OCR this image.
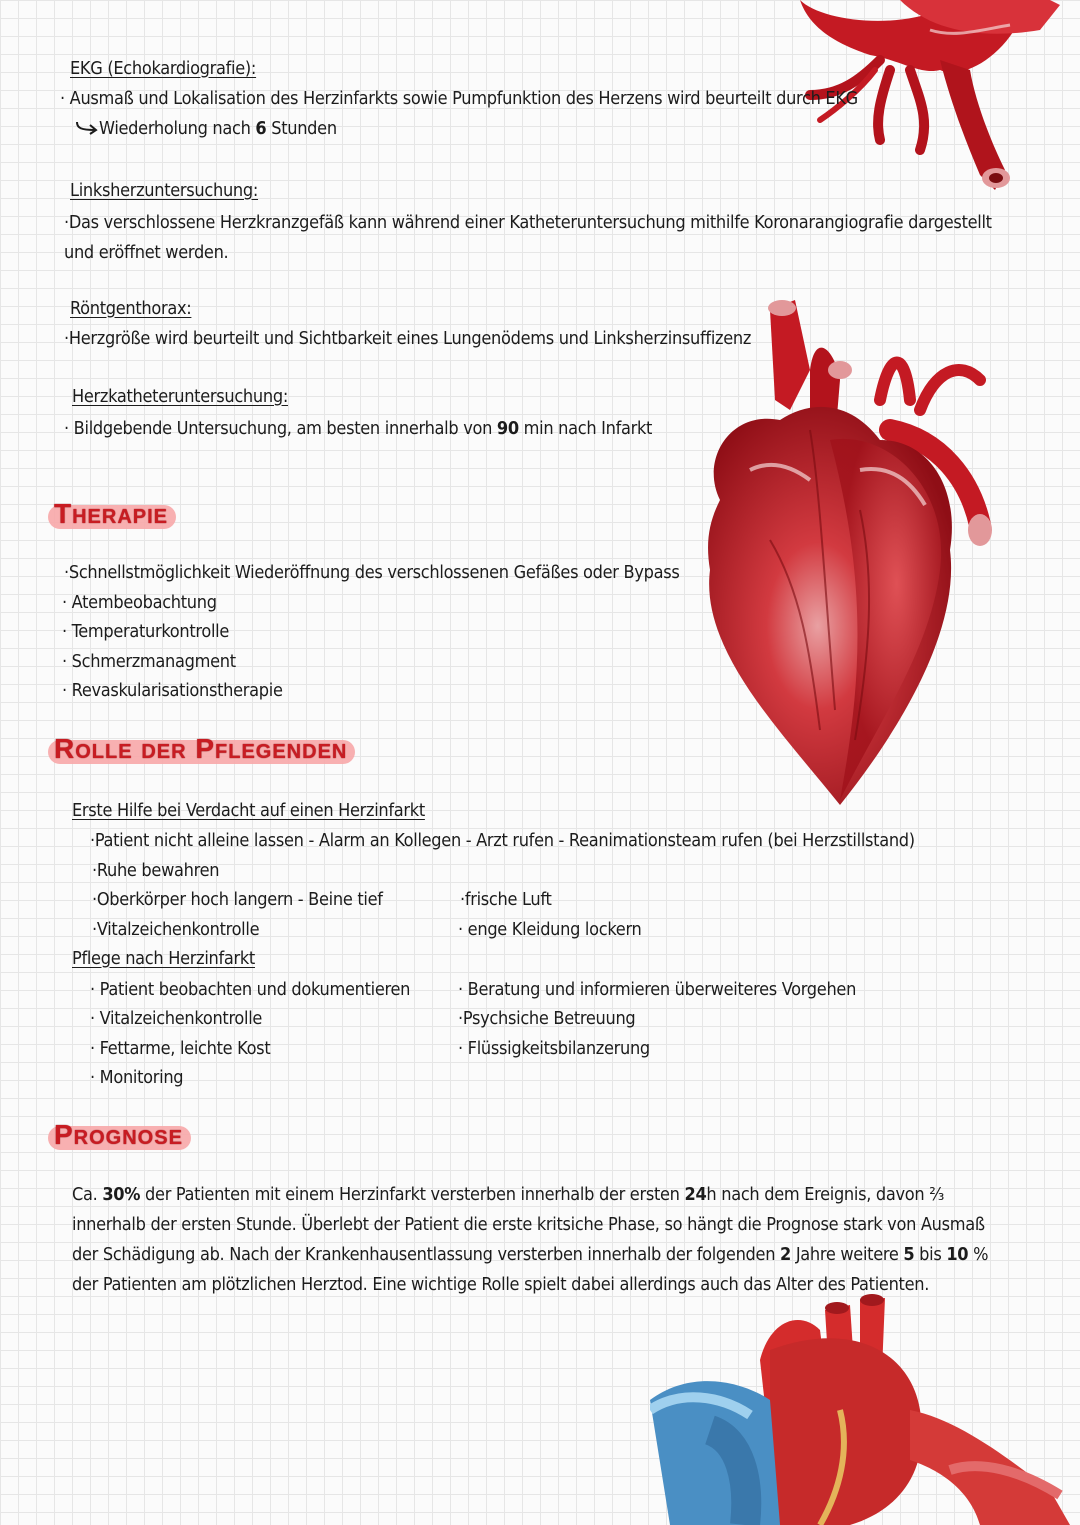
EKG (Echokardiografie):
· Ausmaß und Lokalisation des Herzinfarkts sowie Pumpfunktion des Herzens wird beurteilt durch EKG
Wiederholung nach 6 Stunden
Linksherzuntersuchung:
·Das verschlossene Herzkranzgefäß kann während einer Katheteruntersuchung mithilfe Koronarangiografie dargestellt und eröffnet werden.
Röntgenthorax:
·Herzgröße wird beurteilt und Sichtbarkeit eines Lungenödems und Linksherzinsuffizenz
Herzkatheteruntersuchung:
· Bildgebende Untersuchung, am besten innerhalb von 90 min nach Infarkt
Therapie
·Schnellstmöglichkeit Wiederöffnung des verschlossenen Gefäßes oder Bypass
· Atembeobachtung
· Temperaturkontrolle
· Schmerzmanagment
· Revaskularisationstherapie
Rolle der Pflegenden
Erste Hilfe bei Verdacht auf einen Herzinfarkt
·Patient nicht alleine lassen - Alarm an Kollegen - Arzt rufen - Reanimationsteam rufen (bei Herzstillstand)
·Ruhe bewahren
·Oberkörper hoch langern - Beine tief
·Vitalzeichenkontrolle
·frische Luft
· enge Kleidung lockern
Pflege nach Herzinfarkt
· Patient beobachten und dokumentieren
· Vitalzeichenkontrolle
· Fettarme, leichte Kost
· Monitoring
· Beratung und informieren überweiteres Vorgehen
·Psychsiche Betreuung
· Flüssigkeitsbilanzerung
Prognose
Ca. 30% der Patienten mit einem Herzinfarkt versterben innerhalb der ersten 24h nach dem Ereignis, davon ²⁄₃ innerhalb der ersten Stunde. Überlebt der Patient die erste kritsiche Phase, so hängt die Prognose stark von Ausmaß der Schädigung ab. Nach der Krankenhausentlassung versterben innerhalb der folgenden 2 Jahre weitere 5 bis 10 % der Patienten am plötzlichen Herztod. Eine wichtige Rolle spielt dabei allerdings auch das Alter des Patienten.
